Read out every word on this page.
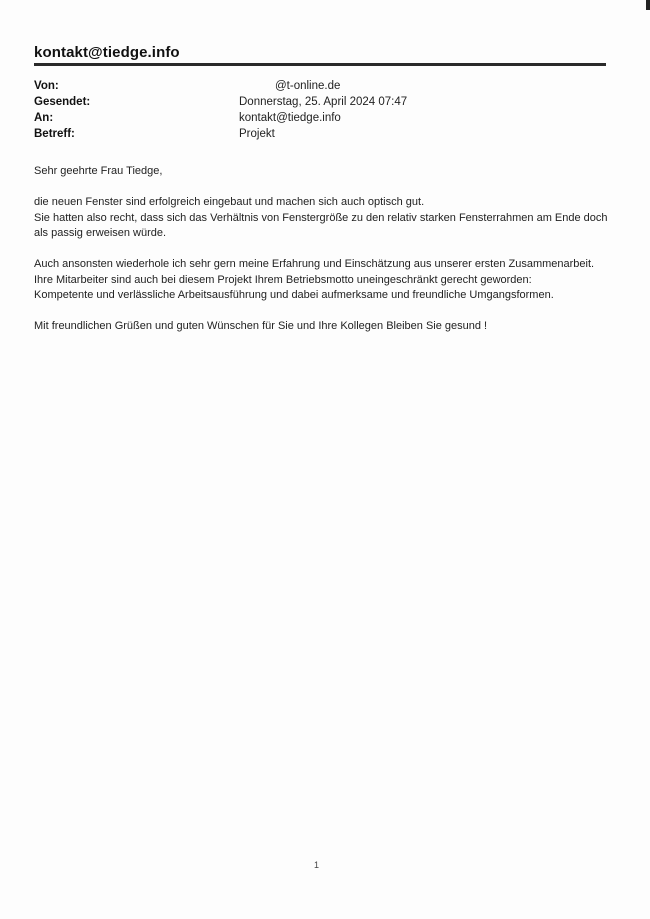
kontakt@tiedge.info
Von:	@t-online.de
Gesendet:	Donnerstag, 25. April 2024 07:47
An:	kontakt@tiedge.info
Betreff:	Projekt

Sehr geehrte Frau Tiedge,

die neuen Fenster sind erfolgreich eingebaut und machen sich auch optisch gut.
Sie hatten also recht, dass sich das Verhältnis von Fenstergröße zu den relativ starken Fensterrahmen am Ende doch
als passig erweisen würde.

Auch ansonsten wiederhole ich sehr gern meine Erfahrung und Einschätzung aus unserer ersten Zusammenarbeit.
Ihre Mitarbeiter sind auch bei diesem Projekt Ihrem Betriebsmotto uneingeschränkt gerecht geworden:
Kompetente und verlässliche Arbeitsausführung und dabei aufmerksame und freundliche Umgangsformen.

Mit freundlichen Grüßen und guten Wünschen für Sie und Ihre Kollegen Bleiben Sie gesund !

1
